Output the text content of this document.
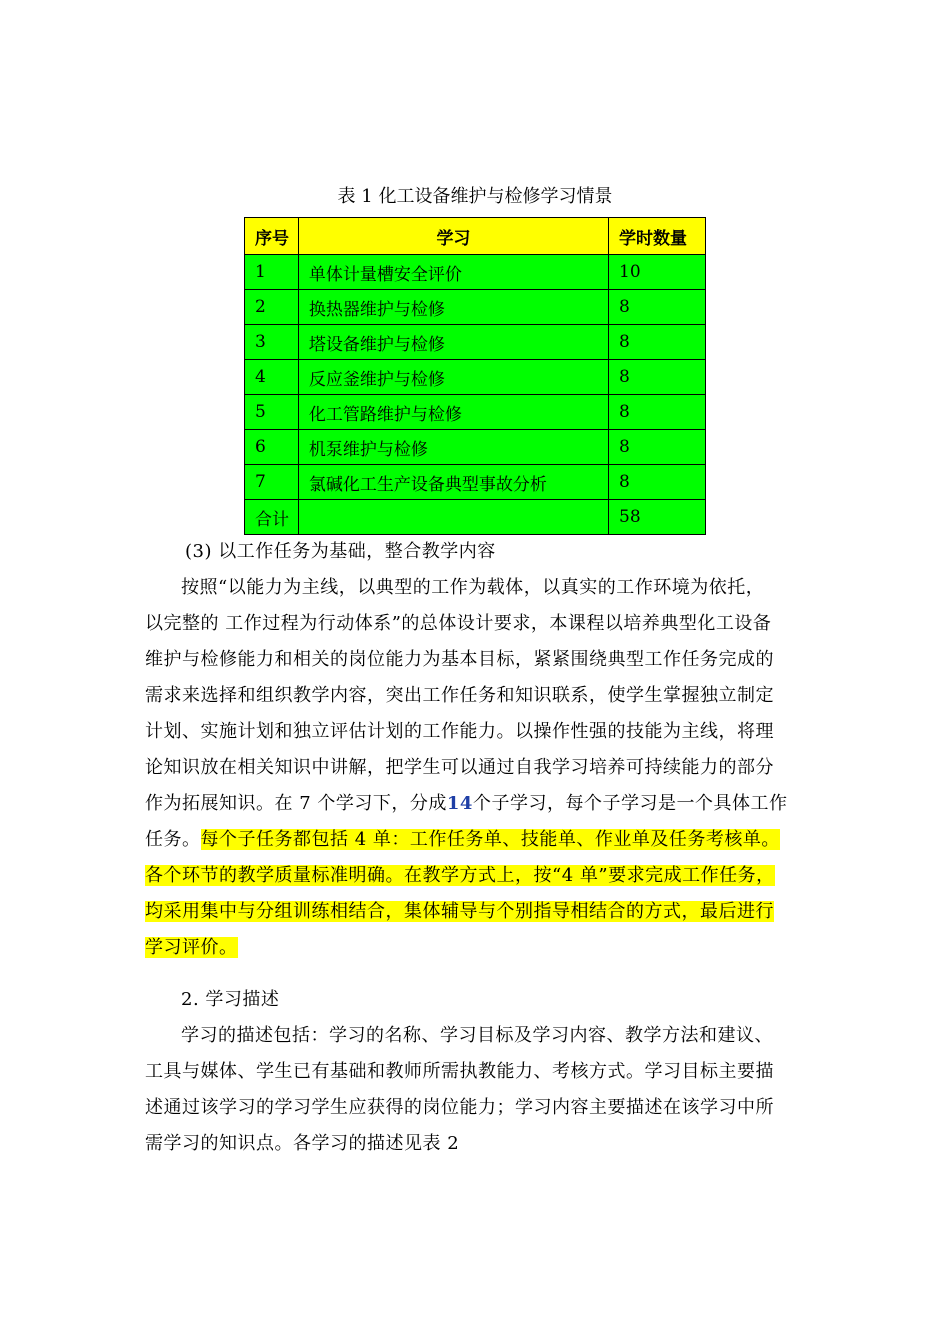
表 1 化工设备维护与检修学习情景
序号	学习	学时数量
1	单体计量槽安全评价	10
2	换热器维护与检修	8
3	塔设备维护与检修	8
4	反应釜维护与检修	8
5	化工管路维护与检修	8
6	机泵维护与检修	8
7	氯碱化工生产设备典型事故分析	8
合计		58
(3) 以工作任务为基础，整合教学内容
按照“以能力为主线，以典型的工作为载体，以真实的工作环境为依托，
以完整的 工作过程为行动体系”的总体设计要求，本课程以培养典型化工设备
维护与检修能力和相关的岗位能力为基本目标，紧紧围绕典型工作任务完成的
需求来选择和组织教学内容，突出工作任务和知识联系，使学生掌握独立制定
计划、实施计划和独立评估计划的工作能力。以操作性强的技能为主线，将理
论知识放在相关知识中讲解，把学生可以通过自我学习培养可持续能力的部分
作为拓展知识。在 7 个学习下，分成14个子学习，每个子学习是一个具体工作
任务。每个子任务都包括 4 单：工作任务单、技能单、作业单及任务考核单。
各个环节的教学质量标准明确。在教学方式上，按“4 单”要求完成工作任务，
均采用集中与分组训练相结合，集体辅导与个别指导相结合的方式，最后进行
学习评价。
2. 学习描述
学习的描述包括：学习的名称、学习目标及学习内容、教学方法和建议、
工具与媒体、学生已有基础和教师所需执教能力、考核方式。学习目标主要描
述通过该学习的学习学生应获得的岗位能力；学习内容主要描述在该学习中所
需学习的知识点。各学习的描述见表 2
